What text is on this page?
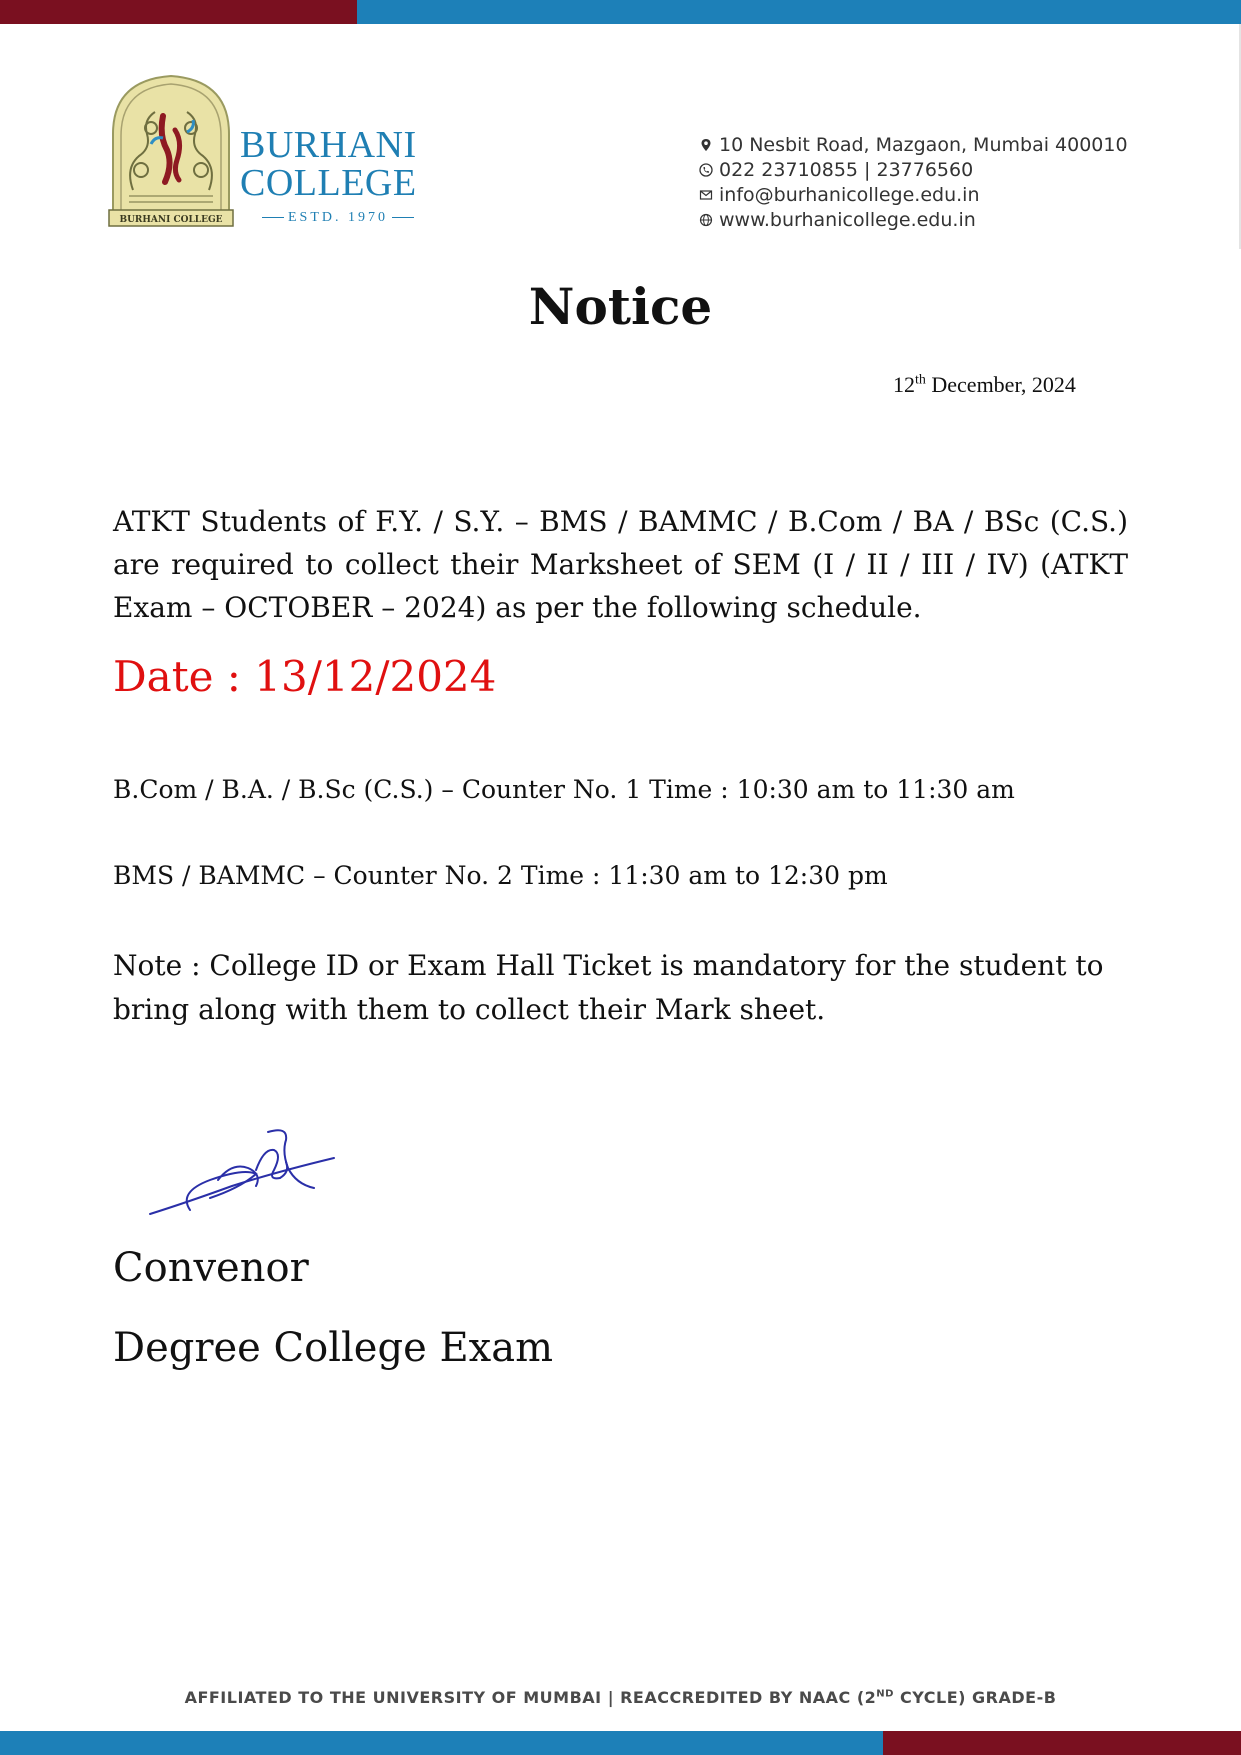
BURHANI COLLEGE
BURHANI
COLLEGE
ESTD. 1970
10 Nesbit Road, Mazgaon, Mumbai 400010
022 23710855 | 23776560
info@burhanicollege.edu.in
www.burhanicollege.edu.in
Notice
12th December, 2024
ATKT Students of F.Y. / S.Y. – BMS / BAMMC / B.Com / BA / BSc (C.S.) are required to collect their Marksheet of SEM (I / II / III / IV) (ATKT Exam – OCTOBER – 2024) as per the following schedule.
Date : 13/12/2024
B.Com / B.A. / B.Sc (C.S.) – Counter No. 1 Time : 10:30 am to 11:30 am
BMS / BAMMC – Counter No. 2 Time : 11:30 am to 12:30 pm
Note : College ID or Exam Hall Ticket is mandatory for the student to bring along with them to collect their Mark sheet.
Convenor
Degree College Exam
AFFILIATED TO THE UNIVERSITY OF MUMBAI | REACCREDITED BY NAAC (2ND CYCLE) GRADE-B
